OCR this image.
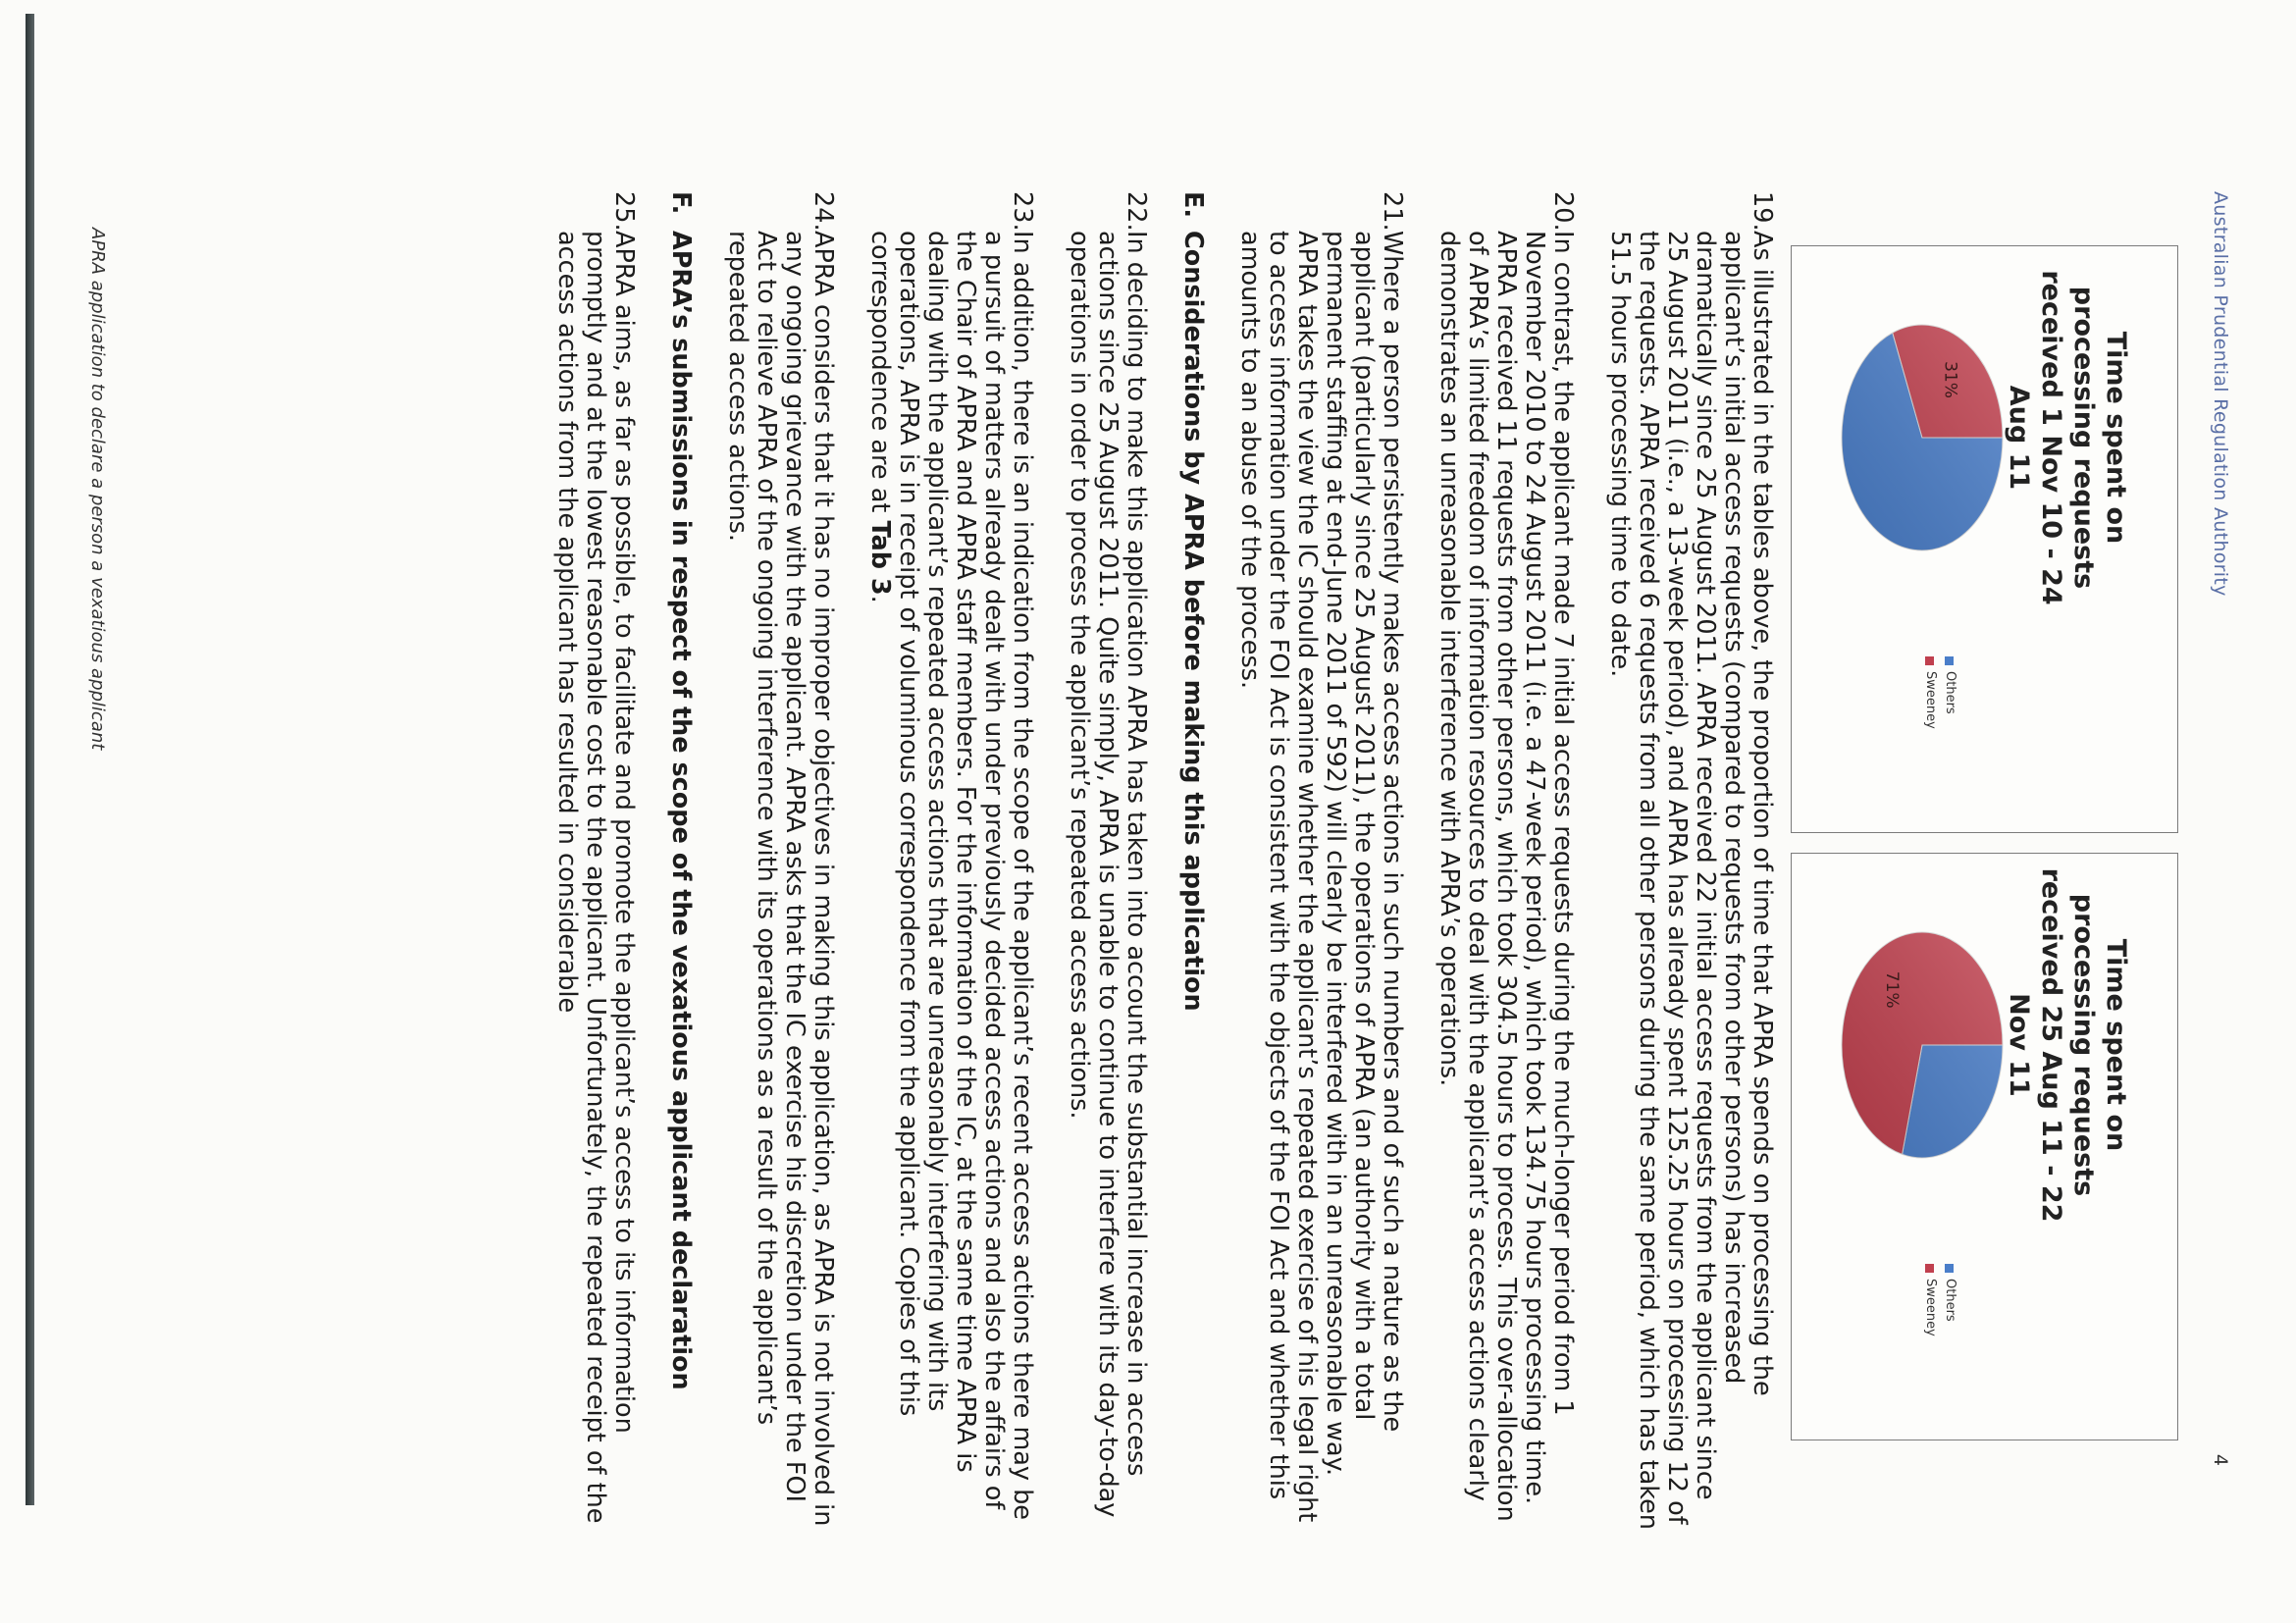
Australian Prudential Regulation Authority
4
Time spent on processing requests received 1 Nov 10 - 24 Aug 11
31%
Others
Sweeney
Time spent on processing requests received 25 Aug 11 - 22 Nov 11
71%
Others
Sweeney
19.
As illustrated in the tables above, the proportion of time that APRA spends on processing the applicant’s initial access requests (compared to requests from other persons) has increased dramatically since 25 August 2011. APRA received 22 initial access requests from the applicant since 25 August 2011 (i.e., a 13-week period), and APRA has already spent 125.25 hours on processing 12 of the requests. APRA received 6 requests from all other persons during the same period, which has taken 51.5 hours processing time to date.
20.
In contrast, the applicant made 7 initial access requests during the much-longer period from 1 November 2010 to 24 August 2011 (i.e. a 47-week period), which took 134.75 hours processing time. APRA received 11 requests from other persons, which took 304.5 hours to process. This over-allocation of APRA’s limited freedom of information resources to deal with the applicant’s access actions clearly demonstrates an unreasonable interference with APRA’s operations.
21.
Where a person persistently makes access actions in such numbers and of such a nature as the applicant (particularly since 25 August 2011), the operations of APRA (an authority with a total permanent staffing at end-June 2011 of 592) will clearly be interfered with in an unreasonable way. APRA takes the view the IC should examine whether the applicant’s repeated exercise of his legal right to access information under the FOI Act is consistent with the objects of the FOI Act and whether this amounts to an abuse of the process.
E.
Considerations by APRA before making this application
22.
In deciding to make this application APRA has taken into account the substantial increase in access actions since 25 August 2011. Quite simply, APRA is unable to continue to interfere with its day-to-day operations in order to process the applicant’s repeated access actions.
23.
In addition, there is an indication from the scope of the applicant’s recent access actions there may be a pursuit of matters already dealt with under previously decided access actions and also the affairs of the Chair of APRA and APRA staff members. For the information of the IC, at the same time APRA is dealing with the applicant’s repeated access actions that are unreasonably interfering with its operations, APRA is in receipt of voluminous correspondence from the applicant. Copies of this correspondence are at Tab 3.
24.
APRA considers that it has no improper objectives in making this application, as APRA is not involved in any ongoing grievance with the applicant. APRA asks that the IC exercise his discretion under the FOI Act to relieve APRA of the ongoing interference with its operations as a result of the applicant’s repeated access actions.
F.
APRA’s submissions in respect of the scope of the vexatious applicant declaration
25.
APRA aims, as far as possible, to facilitate and promote the applicant’s access to its information promptly and at the lowest reasonable cost to the applicant. Unfortunately, the repeated receipt of the access actions from the applicant has resulted in considerable
APRA application to declare a person a vexatious applicant
